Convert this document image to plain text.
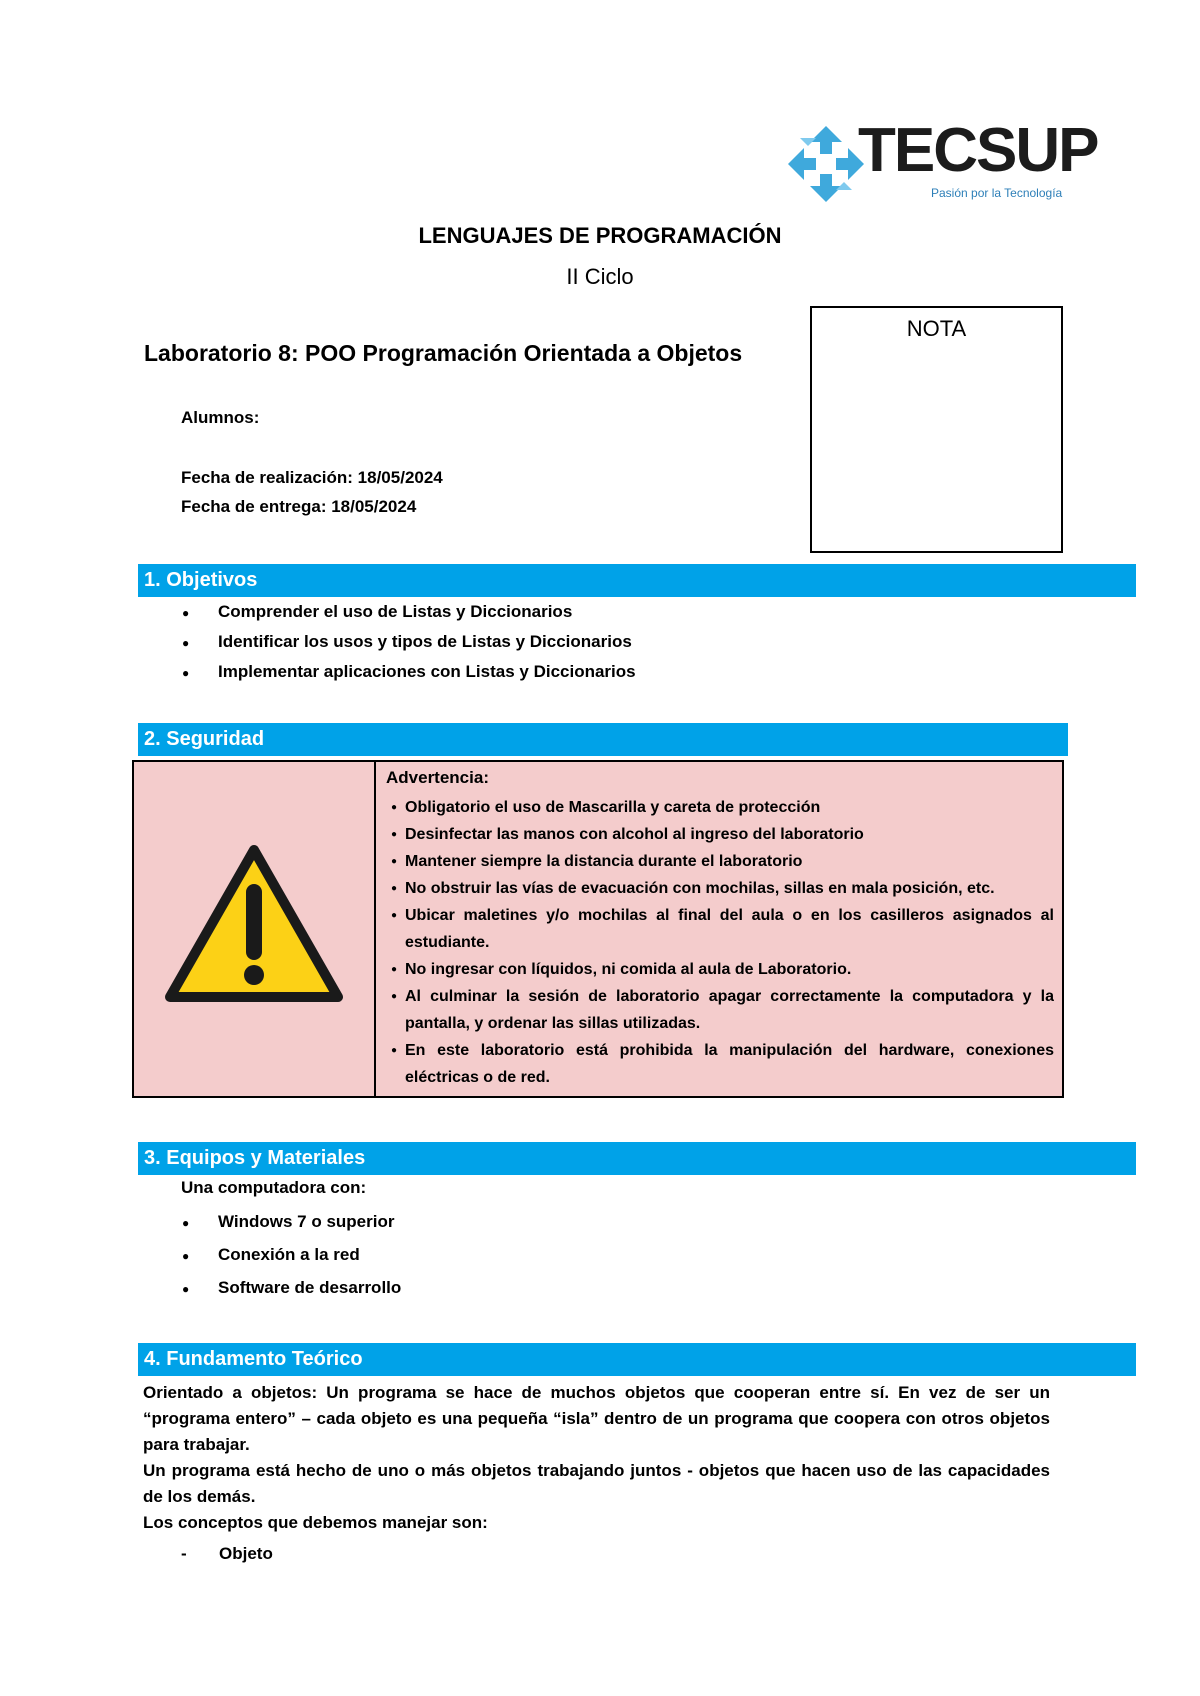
TECSUP
Pasión por la Tecnología
LENGUAJES DE PROGRAMACIÓN
II Ciclo
Laboratorio 8: POO Programación Orientada a Objetos
Alumnos:
Fecha de realización: 18/05/2024
Fecha de entrega: 18/05/2024
NOTA
1. Objetivos
● Comprender el uso de Listas y Diccionarios
● Identificar los usos y tipos de Listas y Diccionarios
● Implementar aplicaciones con Listas y Diccionarios
2. Seguridad
Advertencia:
● Obligatorio el uso de Mascarilla y careta de protección
● Desinfectar las manos con alcohol al ingreso del laboratorio
● Mantener siempre la distancia durante el laboratorio
● No obstruir las vías de evacuación con mochilas, sillas en mala posición, etc.
● Ubicar maletines y/o mochilas al final del aula o en los casilleros asignados al estudiante.
● No ingresar con líquidos, ni comida al aula de Laboratorio.
● Al culminar la sesión de laboratorio apagar correctamente la computadora y la pantalla, y ordenar las sillas utilizadas.
● En este laboratorio está prohibida la manipulación del hardware, conexiones eléctricas o de red.
3. Equipos y Materiales
Una computadora con:
● Windows 7 o superior
● Conexión a la red
● Software de desarrollo
4. Fundamento Teórico

Orientado a objetos: Un programa se hace de muchos objetos que cooperan entre sí. En vez de ser un “programa entero” – cada objeto es una pequeña “isla” dentro de un programa que coopera con otros objetos para trabajar.

Un programa está hecho de uno o más objetos trabajando juntos - objetos que hacen uso de las capacidades de los demás.

Los conceptos que debemos manejar son:

- Objeto
